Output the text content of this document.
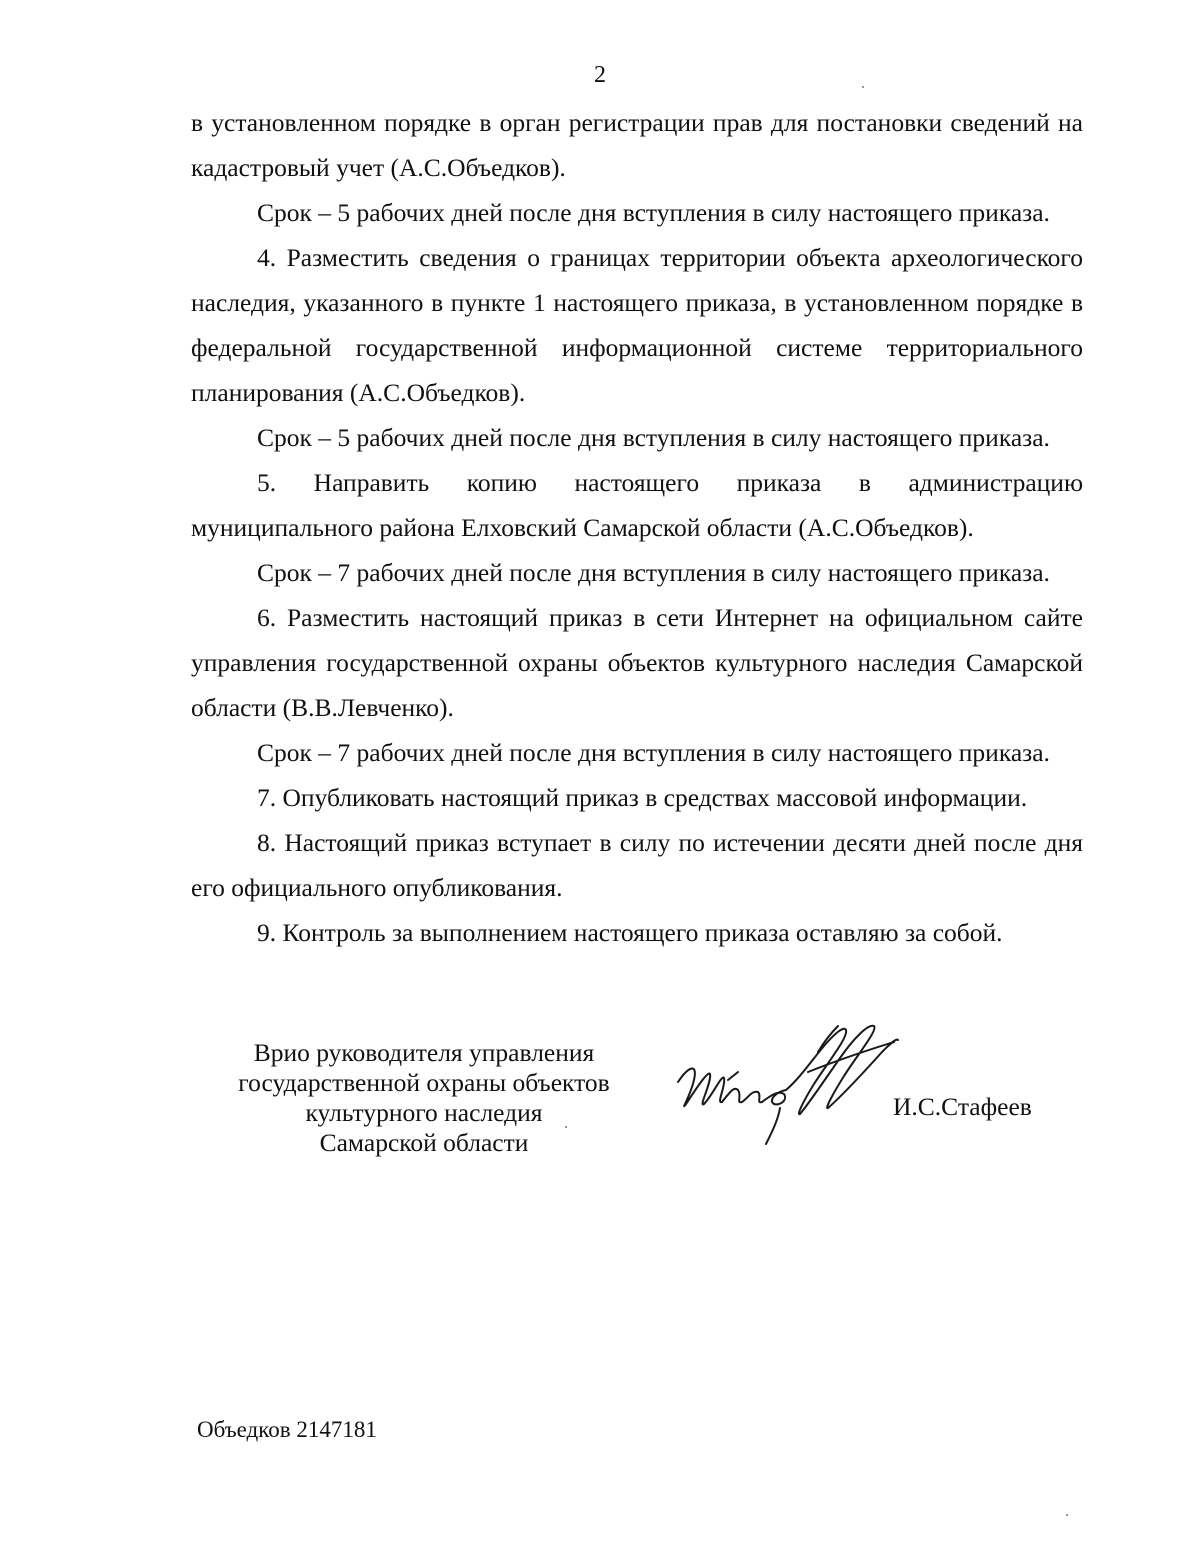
2

в установленном порядке в орган регистрации прав для постановки сведений на кадастровый учет (А.С.Объедков).

Срок – 5 рабочих дней после дня вступления в силу настоящего приказа.

4. Разместить сведения о границах территории объекта археологического наследия, указанного в пункте 1 настоящего приказа, в установленном порядке в федеральной государственной информационной системе территориального планирования (А.С.Объедков).

Срок – 5 рабочих дней после дня вступления в силу настоящего приказа.

5. Направить копию настоящего приказа в администрацию муниципального района Елховский Самарской области (А.С.Объедков).

Срок – 7 рабочих дней после дня вступления в силу настоящего приказа.

6. Разместить настоящий приказ в сети Интернет на официальном сайте управления государственной охраны объектов культурного наследия Самарской области (В.В.Левченко).

Срок – 7 рабочих дней после дня вступления в силу настоящего приказа.

7. Опубликовать настоящий приказ в средствах массовой информации.

8. Настоящий приказ вступает в силу по истечении десяти дней после дня его официального опубликования.

9. Контроль за выполнением настоящего приказа оставляю за собой.

Врио руководителя управления
государственной охраны объектов
культурного наследия
Самарской области
И.С.Стафеев
Объедков 2147181
